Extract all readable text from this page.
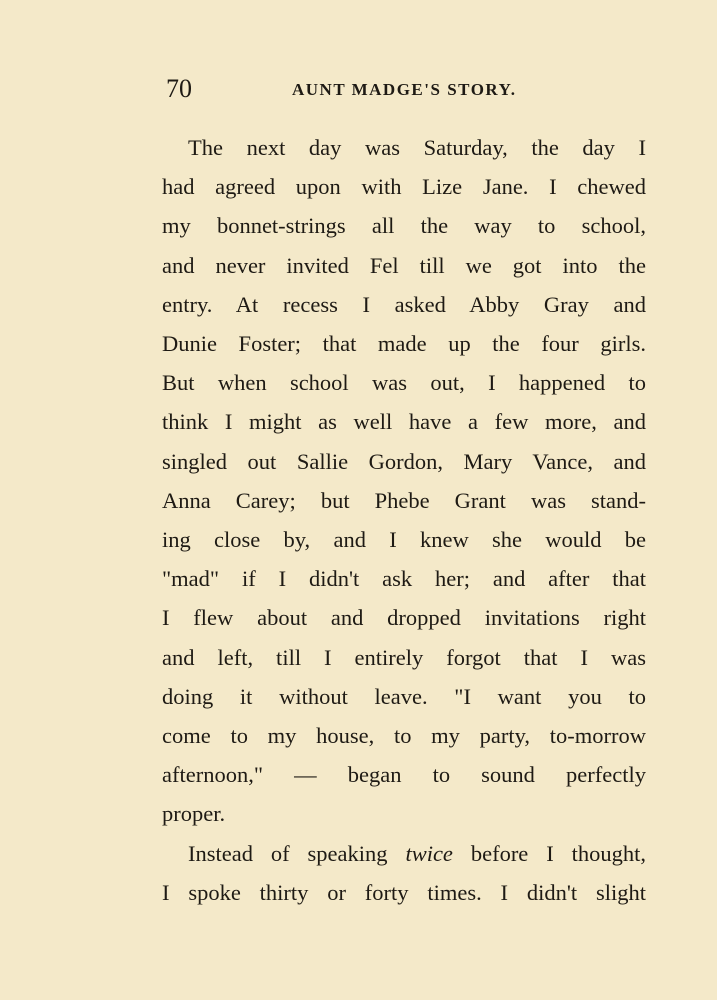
70	AUNT MADGE'S STORY.

The next day was Saturday, the day I
had agreed upon with Lize Jane. I chewed
my bonnet-strings all the way to school,
and never invited Fel till we got into the
entry. At recess I asked Abby Gray and
Dunie Foster; that made up the four girls.
But when school was out, I happened to
think I might as well have a few more, and
singled out Sallie Gordon, Mary Vance, and
Anna Carey; but Phebe Grant was stand-
ing close by, and I knew she would be
"mad" if I didn't ask her; and after that
I flew about and dropped invitations right
and left, till I entirely forgot that I was
doing it without leave. "I want you to
come to my house, to my party, to-morrow
afternoon," — began to sound perfectly
proper.

Instead of speaking twice before I thought,
I spoke thirty or forty times. I didn't slight
